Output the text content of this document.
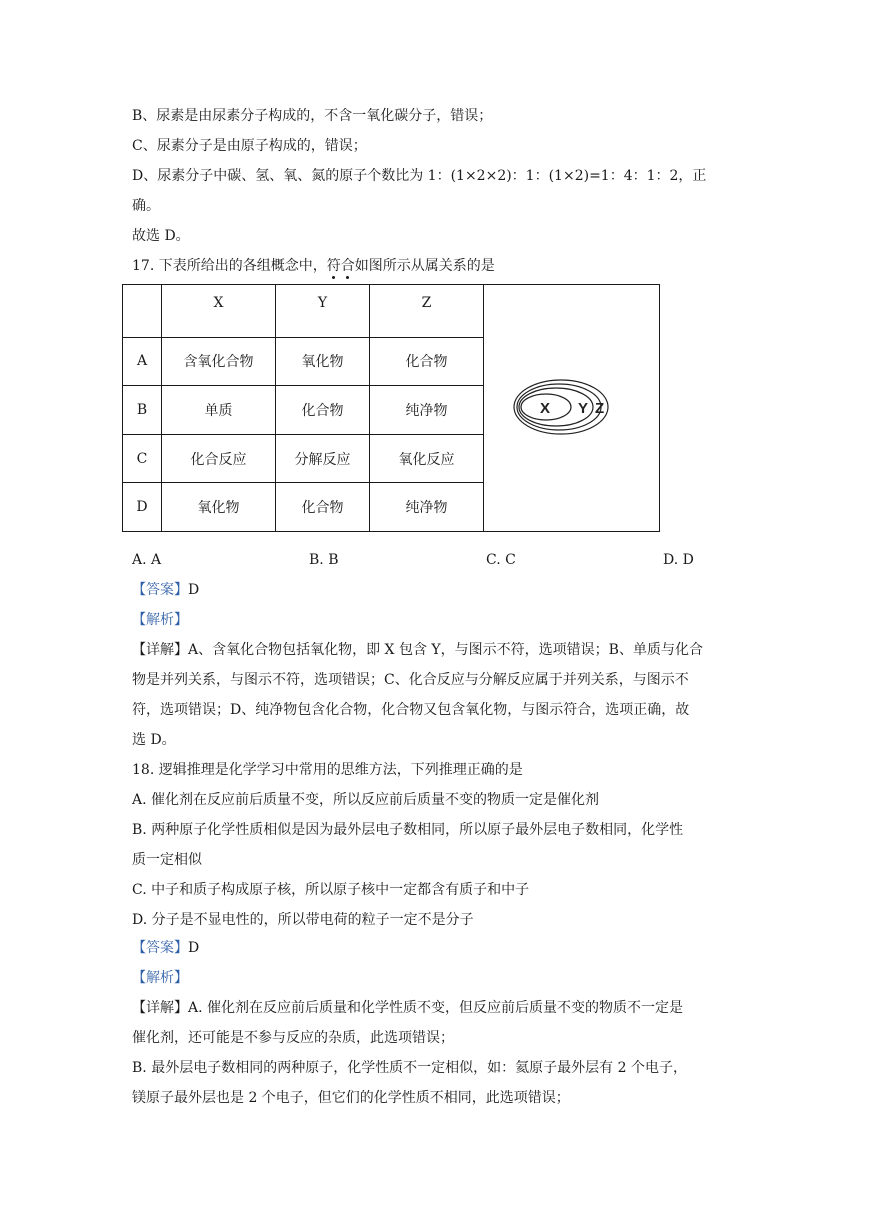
B、尿素是由尿素分子构成的，不含一氧化碳分子，错误；
C、尿素分子是由原子构成的，错误；
D、尿素分子中碳、氢、氧、氮的原子个数比为 1：(1×2×2)：1：(1×2)=1：4：1：2，正
确。
故选 D。
17. 下表所给出的各组概念中，符合如图所示从属关系的是
	X	Y	Z	X Y Z

A	含氧化合物	氧化物	化合物	
B	单质	化合物	纯净物	
C	化合反应	分解反应	氧化反应	
D	氧化物	化合物	纯净物	
A. A	B. B	C. C	D. D
【答案】D
【解析】
【详解】A、含氧化合物包括氧化物，即 X 包含 Y，与图示不符，选项错误；B、单质与化合
物是并列关系，与图示不符，选项错误；C、化合反应与分解反应属于并列关系，与图示不
符，选项错误；D、纯净物包含化合物，化合物又包含氧化物，与图示符合，选项正确，故
选 D。
18. 逻辑推理是化学学习中常用的思维方法，下列推理正确的是
A. 催化剂在反应前后质量不变，所以反应前后质量不变的物质一定是催化剂
B. 两种原子化学性质相似是因为最外层电子数相同，所以原子最外层电子数相同，化学性
质一定相似
C. 中子和质子构成原子核，所以原子核中一定都含有质子和中子
D. 分子是不显电性的，所以带电荷的粒子一定不是分子
【答案】D
【解析】
【详解】A. 催化剂在反应前后质量和化学性质不变，但反应前后质量不变的物质不一定是
催化剂，还可能是不参与反应的杂质，此选项错误；
B. 最外层电子数相同的两种原子，化学性质不一定相似，如：氦原子最外层有 2 个电子，
镁原子最外层也是 2 个电子，但它们的化学性质不相同，此选项错误；
